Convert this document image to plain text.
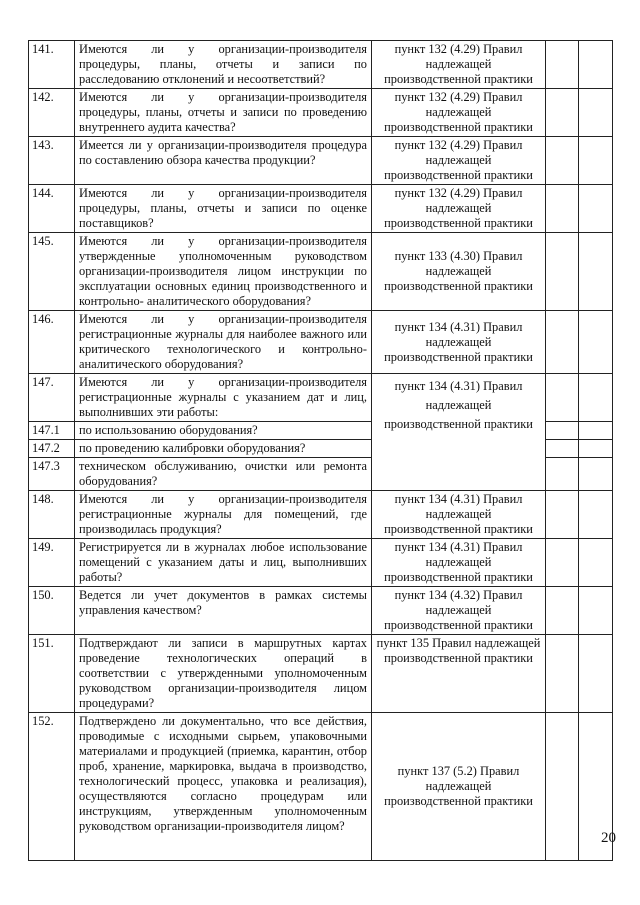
141.	Имеются ли у организации-производителя процедуры, планы, отчеты и записи по расследованию отклонений и несоответствий?	пункт 132 (4.29) Правил надлежащей производственной практики		
142.	Имеются ли у организации-производителя процедуры, планы, отчеты и записи по проведению внутреннего аудита качества?	пункт 132 (4.29) Правил надлежащей производственной практики		
143.	Имеется ли у организации-производителя процедура по составлению обзора качества продукции?	пункт 132 (4.29) Правил надлежащей производственной практики		
144.	Имеются ли у организации-производителя процедуры, планы, отчеты и записи по оценке поставщиков?	пункт 132 (4.29) Правил надлежащей производственной практики		
145.	Имеются ли у организации-производителя утвержденные уполномоченным руководством организации-производителя лицом инструкции по эксплуатации основных единиц производственного и контрольно- аналитического оборудования?	пункт 133 (4.30) Правил надлежащей производственной практики		
146.	Имеются ли у организации-производителя регистрационные журналы для наиболее важного или критического технологического и контрольно-аналитического оборудования?	пункт 134 (4.31) Правил надлежащей производственной практики		
147.	Имеются ли у организации-производителя регистрационные журналы с указанием дат и лиц, выполнивших эти работы:	пункт 134 (4.31) Правил надлежащей производственной практики		
147.1	по использованию оборудования?			
147.2	по проведению калибровки оборудования?			
147.3	техническом обслуживанию, очистки или ремонта оборудования?			
148.	Имеются ли у организации-производителя регистрационные журналы для помещений, где производилась продукция?	пункт 134 (4.31) Правил надлежащей производственной практики		
149.	Регистрируется ли в журналах любое использование помещений с указанием даты и лиц, выполнивших работы?	пункт 134 (4.31) Правил надлежащей производственной практики		
150.	Ведется ли учет документов в рамках системы управления качеством?	пункт 134 (4.32) Правил надлежащей производственной практики		
151.	Подтверждают ли записи в маршрутных картах проведение технологических операций в соответствии с утвержденными уполномоченным руководством организации-производителя лицом процедурами?	пункт 135 Правил надлежащей производственной практики		
152.	Подтверждено ли документально, что все действия, проводимые с исходными сырьем, упаковочными материалами и продукцией (приемка, карантин, отбор проб, хранение, маркировка, выдача в производство, технологический процесс, упаковка и реализация), осуществляются согласно процедурам или инструкциям, утвержденным уполномоченным руководством организации-производителя лицом?	пункт 137 (5.2) Правил надлежащей производственной практики		
20
